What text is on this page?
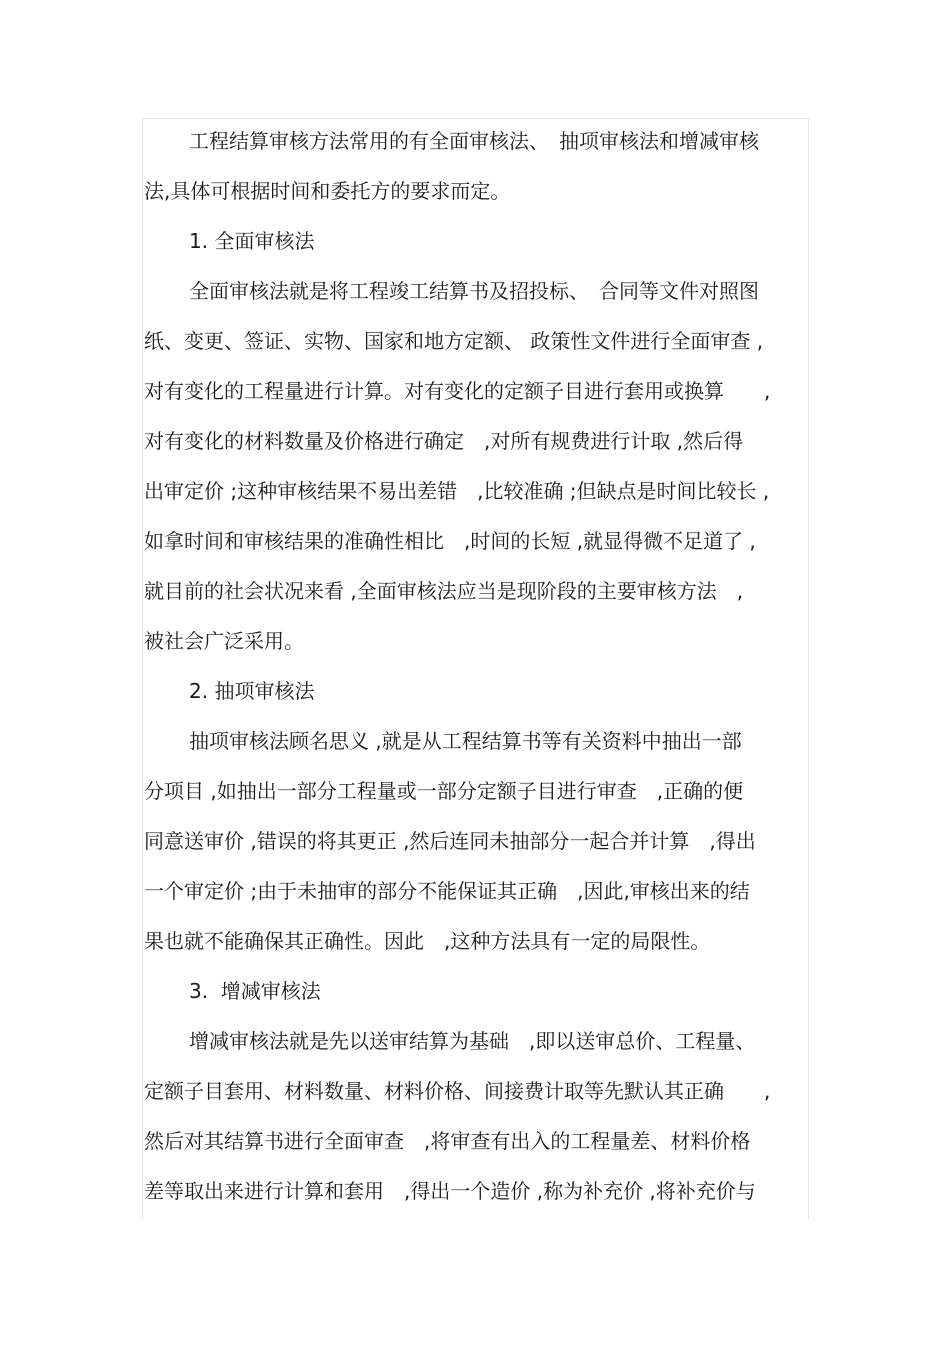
工程结算审核方法常用的有全面审核法、　抽项审核法和增减审核
法,具体可根据时间和委托方的要求而定。
1. 全面审核法
全面审核法就是将工程竣工结算书及招投标、　合同等文件对照图
纸、变更、签证、实物、国家和地方定额、 政策性文件进行全面审查 ,
对有变化的工程量进行计算。对有变化的定额子目进行套用或换算　　,
对有变化的材料数量及价格进行确定　,对所有规费进行计取 ,然后得
出审定价 ;这种审核结果不易出差错　,比较准确 ;但缺点是时间比较长 ,
如拿时间和审核结果的准确性相比　,时间的长短 ,就显得微不足道了 ,
就目前的社会状况来看 ,全面审核法应当是现阶段的主要审核方法　,
被社会广泛采用。
2. 抽项审核法
抽项审核法顾名思义 ,就是从工程结算书等有关资料中抽出一部
分项目 ,如抽出一部分工程量或一部分定额子目进行审查　,正确的便
同意送审价 ,错误的将其更正 ,然后连同未抽部分一起合并计算　,得出
一个审定价 ;由于未抽审的部分不能保证其正确　,因此,审核出来的结
果也就不能确保其正确性。因此　,这种方法具有一定的局限性。
3.  增减审核法
增减审核法就是先以送审结算为基础　,即以送审总价、工程量、
定额子目套用、材料数量、材料价格、间接费计取等先默认其正确　　,
然后对其结算书进行全面审查　,将审查有出入的工程量差、材料价格
差等取出来进行计算和套用　,得出一个造价 ,称为补充价 ,将补充价与
